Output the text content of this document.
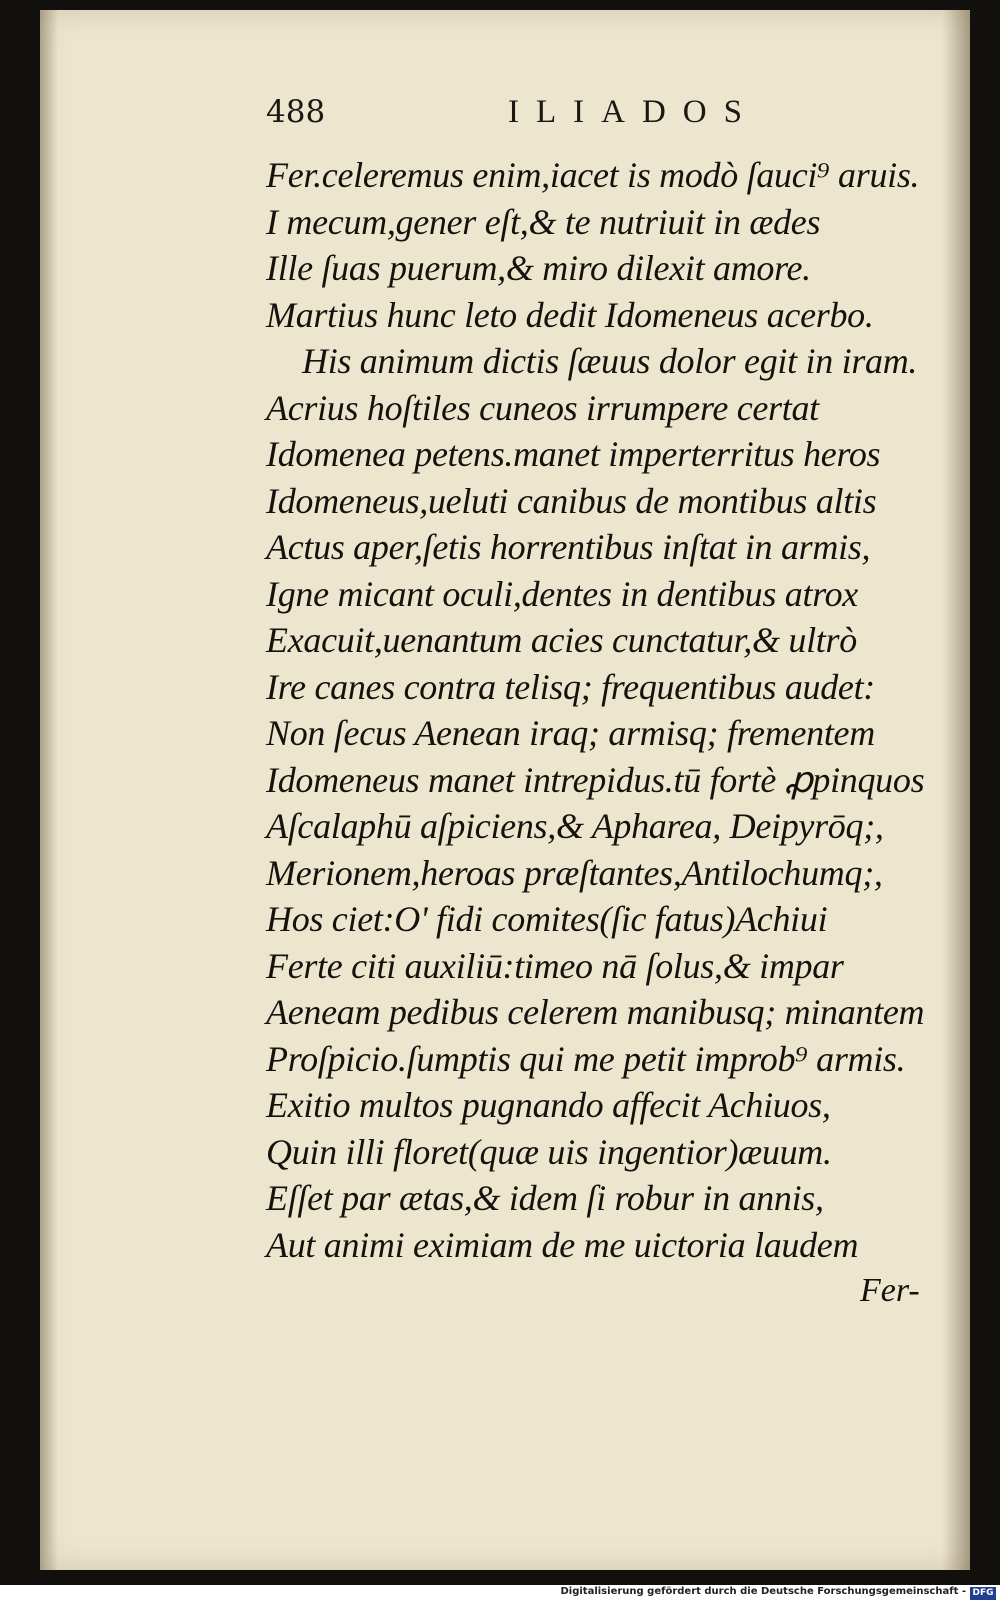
488	ILIADOS
Fer.celeremus enim,iacet is modò ſauci⁹ aruis.
I mecum,gener eſt,& te nutriuit in ædes
Ille ſuas puerum,& miro dilexit amore.
Martius hunc leto dedit Idomeneus acerbo.
His animum dictis ſæuus dolor egit in iram.
Acrius hoſtiles cuneos irrumpere certat
Idomenea petens.manet imperterritus heros
Idomeneus,ueluti canibus de montibus altis
Actus aper,ſetis horrentibus inſtat in armis,
Igne micant oculi,dentes in dentibus atrox
Exacuit,uenantum acies cunctatur,& ultrò
Ire canes contra telisq; frequentibus audet:
Non ſecus Aenean iraq; armisq; frementem
Idomeneus manet intrepidus.tū fortè ꝓpinquos
Aſcalaphū aſpiciens,& Apharea, Deipyrōq;,
Merionem,heroas præſtantes,Antilochumq;,
Hos ciet:O' fidi comites(ſic fatus)Achiui
Ferte citi auxiliū:timeo nā ſolus,& impar
Aeneam pedibus celerem manibusq; minantem
Proſpicio.ſumptis qui me petit improb⁹ armis.
Exitio multos pugnando affecit Achiuos,
Quin illi floret(quæ uis ingentior)æuum.
Eſſet par ætas,& idem ſi robur in annis,
Aut animi eximiam de me uictoria laudem
Fer-
Digitalisierung gefördert durch die Deutsche Forschungsgemeinschaft - DFG
